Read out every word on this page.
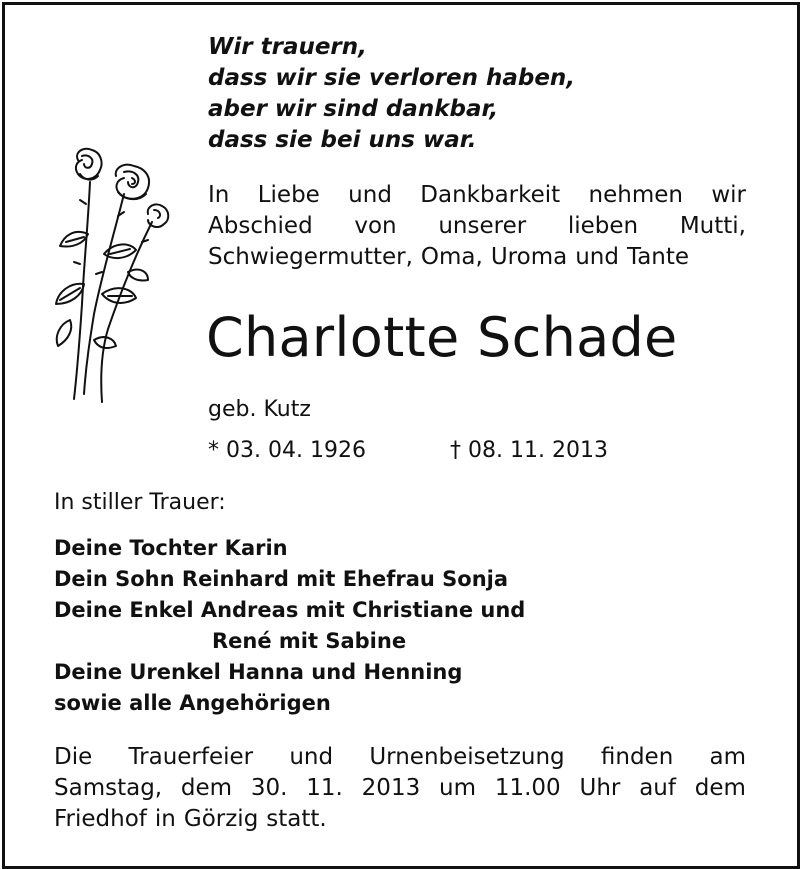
Wir trauern,
dass wir sie verloren haben,
aber wir sind dankbar,
dass sie bei uns war.
In Liebe und Dankbarkeit nehmen wir
Abschied von unserer lieben Mutti,
Schwiegermutter, Oma, Uroma und Tante
Charlotte Schade
geb. Kutz
* 03. 04. 1926	† 08. 11. 2013
In stiller Trauer:
Deine Tochter Karin
Dein Sohn Reinhard mit Ehefrau Sonja
Deine Enkel Andreas mit Christiane und
René mit Sabine
Deine Urenkel Hanna und Henning
sowie alle Angehörigen
Die Trauerfeier und Urnenbeisetzung finden am
Samstag, dem 30. 11. 2013 um 11.00 Uhr auf dem
Friedhof in Görzig statt.
